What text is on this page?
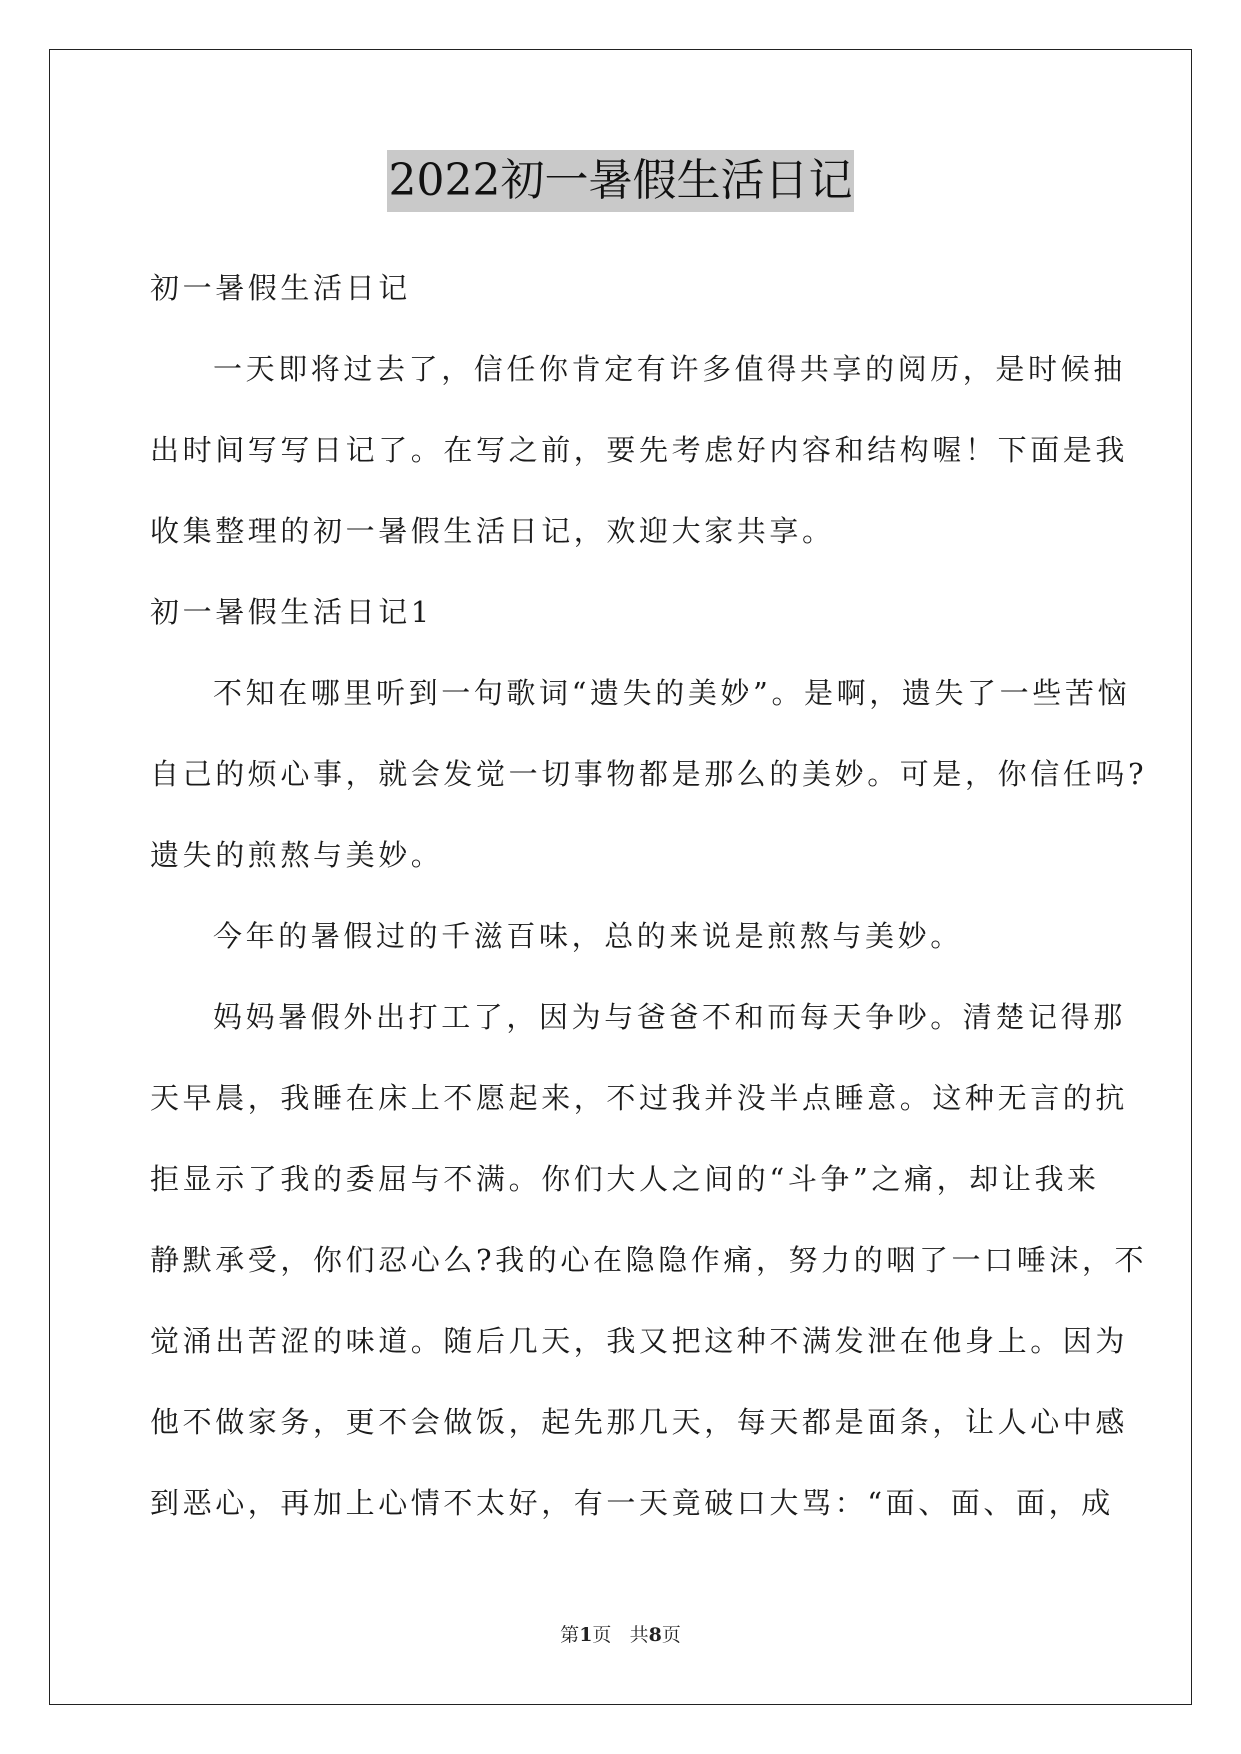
2022初一暑假生活日记
初一暑假生活日记
一天即将过去了，信任你肯定有许多值得共享的阅历，是时候抽
出时间写写日记了。在写之前，要先考虑好内容和结构喔！下面是我
收集整理的初一暑假生活日记，欢迎大家共享。
初一暑假生活日记1
不知在哪里听到一句歌词“遗失的美妙”。是啊，遗失了一些苦恼
自己的烦心事，就会发觉一切事物都是那么的美妙。可是，你信任吗?
遗失的煎熬与美妙。
今年的暑假过的千滋百味，总的来说是煎熬与美妙。
妈妈暑假外出打工了，因为与爸爸不和而每天争吵。清楚记得那
天早晨，我睡在床上不愿起来，不过我并没半点睡意。这种无言的抗
拒显示了我的委屈与不满。你们大人之间的“斗争”之痛，却让我来
静默承受，你们忍心么?我的心在隐隐作痛，努力的咽了一口唾沫，不
觉涌出苦涩的味道。随后几天，我又把这种不满发泄在他身上。因为
他不做家务，更不会做饭，起先那几天，每天都是面条，让人心中感
到恶心，再加上心情不太好，有一天竟破口大骂：“面、面、面，成
第1页 共8页
